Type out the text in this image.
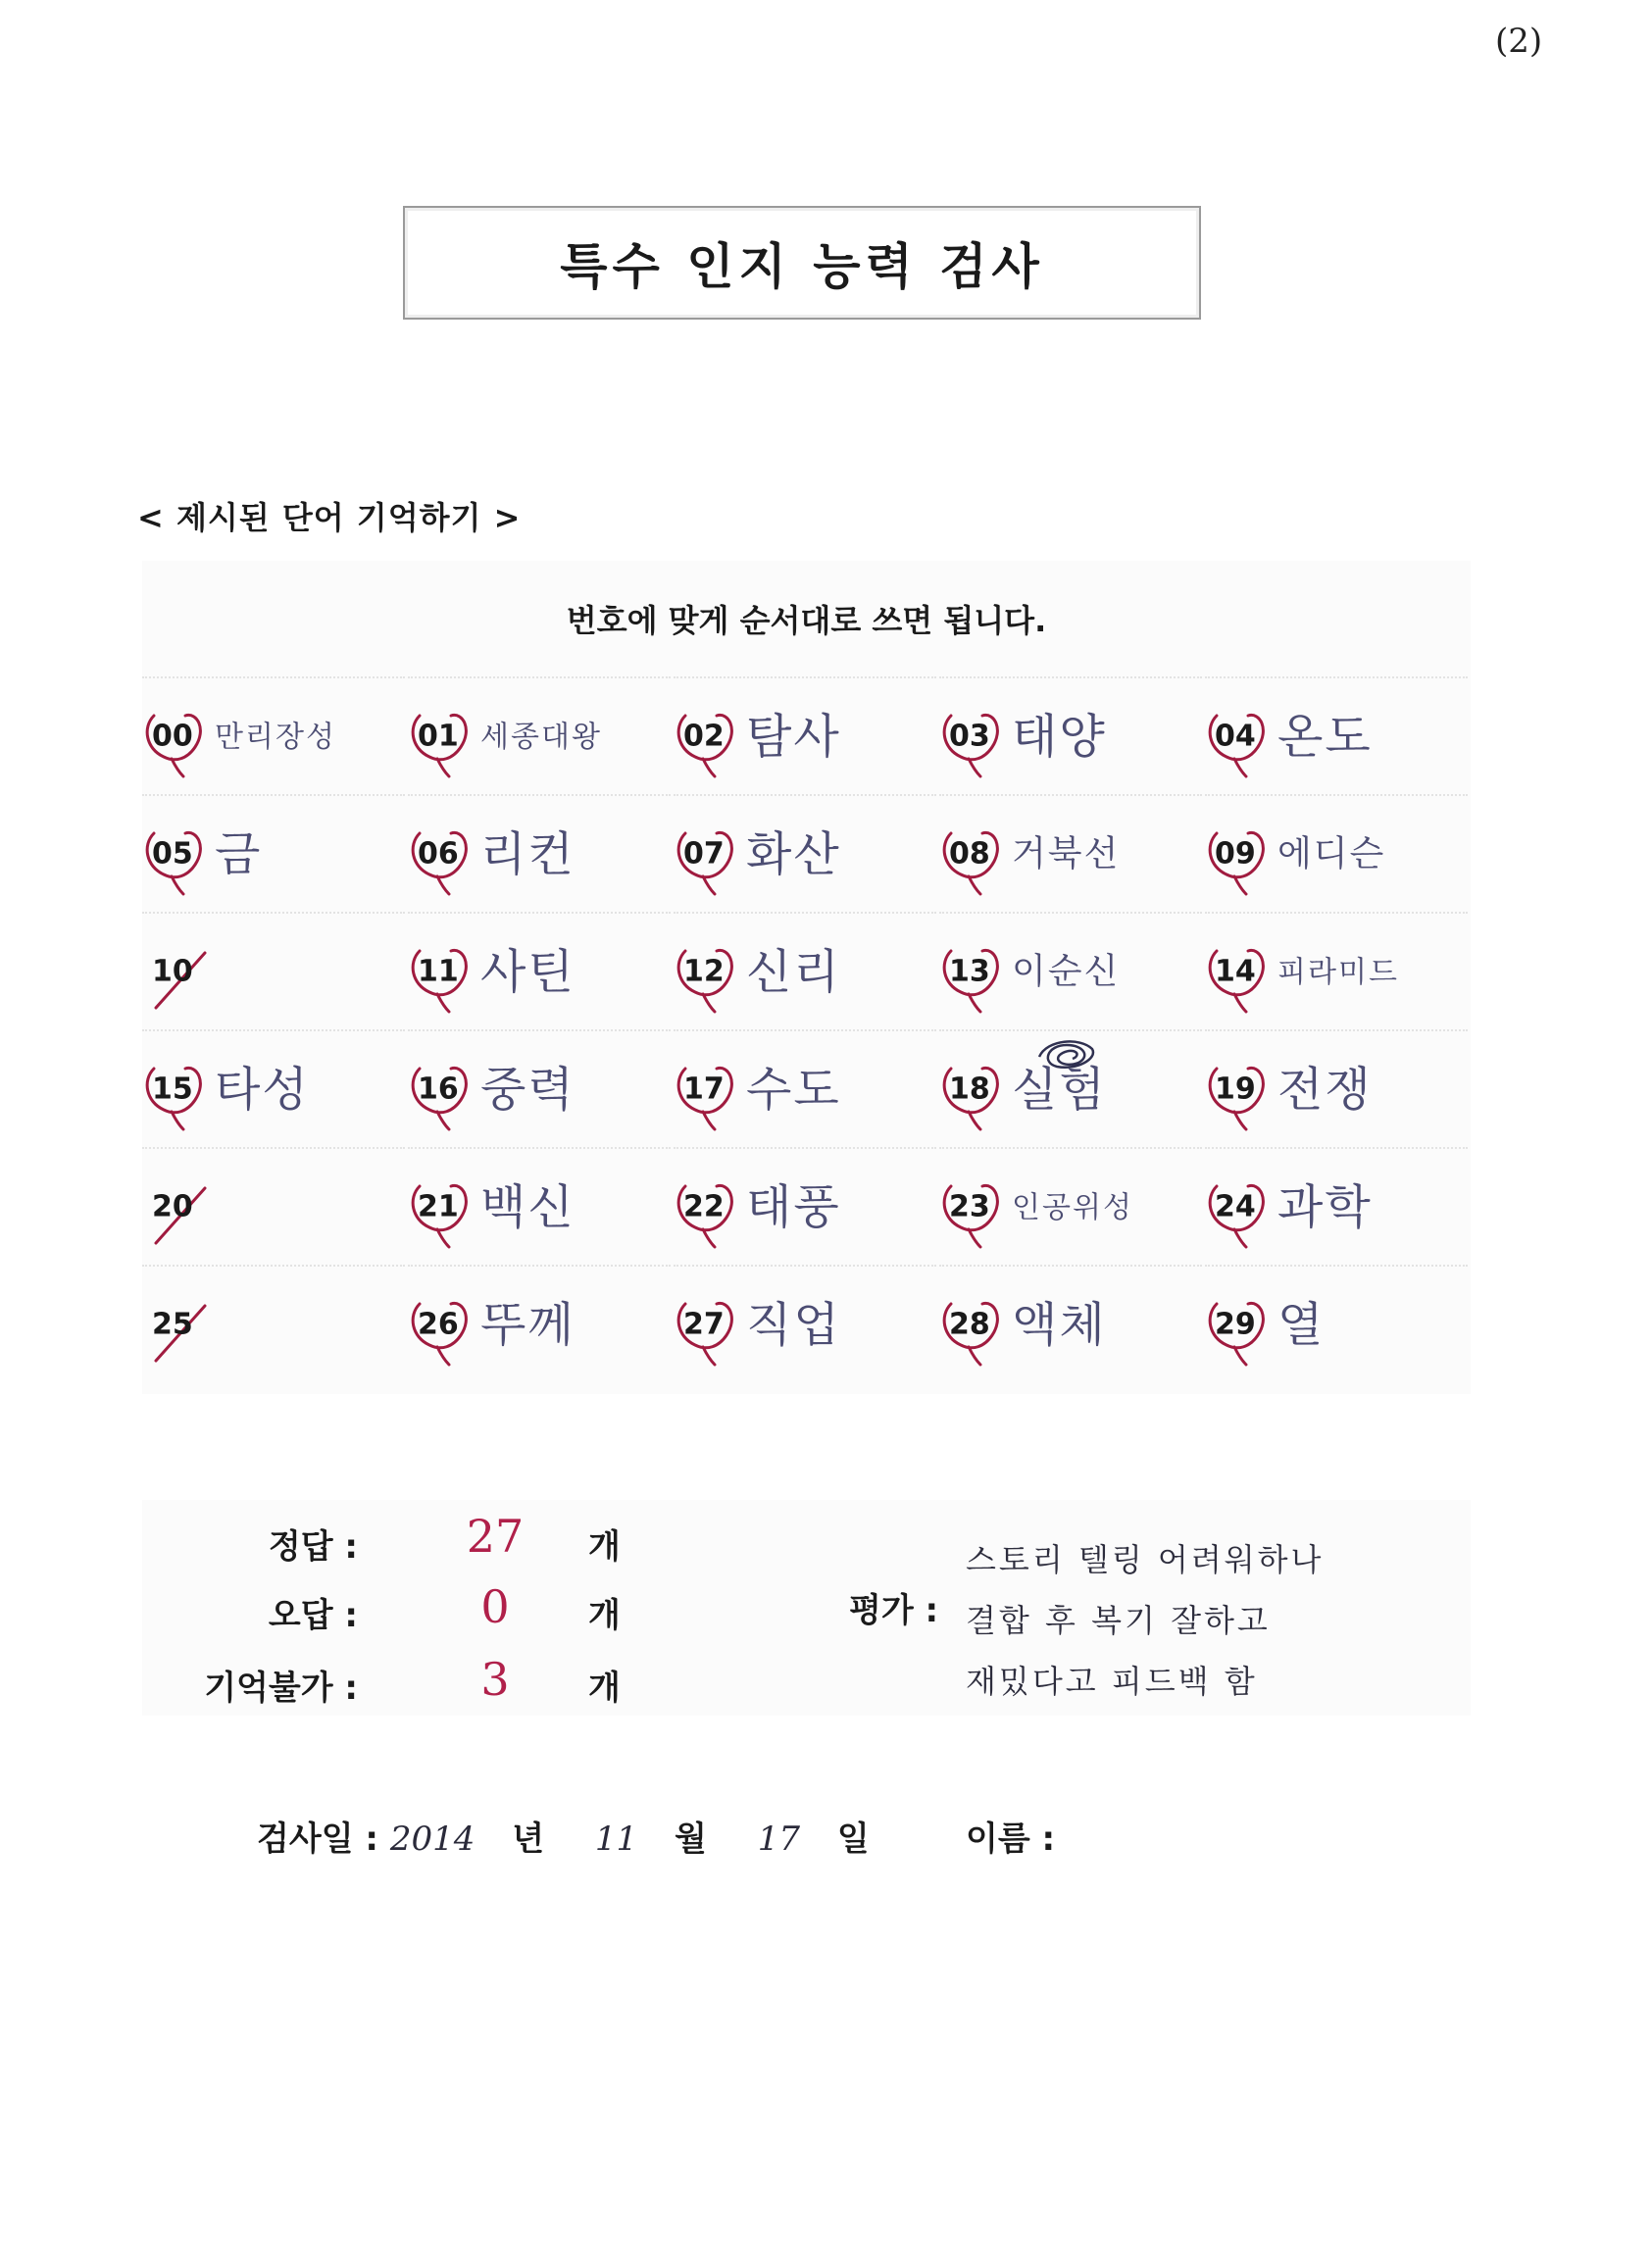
(2)
특수 인지 능력 검사
< 제시된 단어 기억하기 >
번호에 맞게 순서대로 쓰면 됩니다.
00 만리장성	01 세종대왕	02 탐사	03 태양	04 온도
05 금	06 리컨	07 화산	08 거북선	09 에디슨
10	11 사틴	12 신리	13 이순신	14 피라미드
15 타성	16 중력	17 수도	18 실험	19 전쟁
20	21 백신	22 태풍	23 인공위성	24 과학
25	26 뚜께	27 직업	28 액체	29 열
정답 :	27	개
오답 :	0	개
기억불가 :	3	개
평가 :
스토리 텔링 어려워하나
결합 후 복기 잘하고
재밌다고 피드백 함
검사일 : 2014 년 11 월 17 일	이름 :
